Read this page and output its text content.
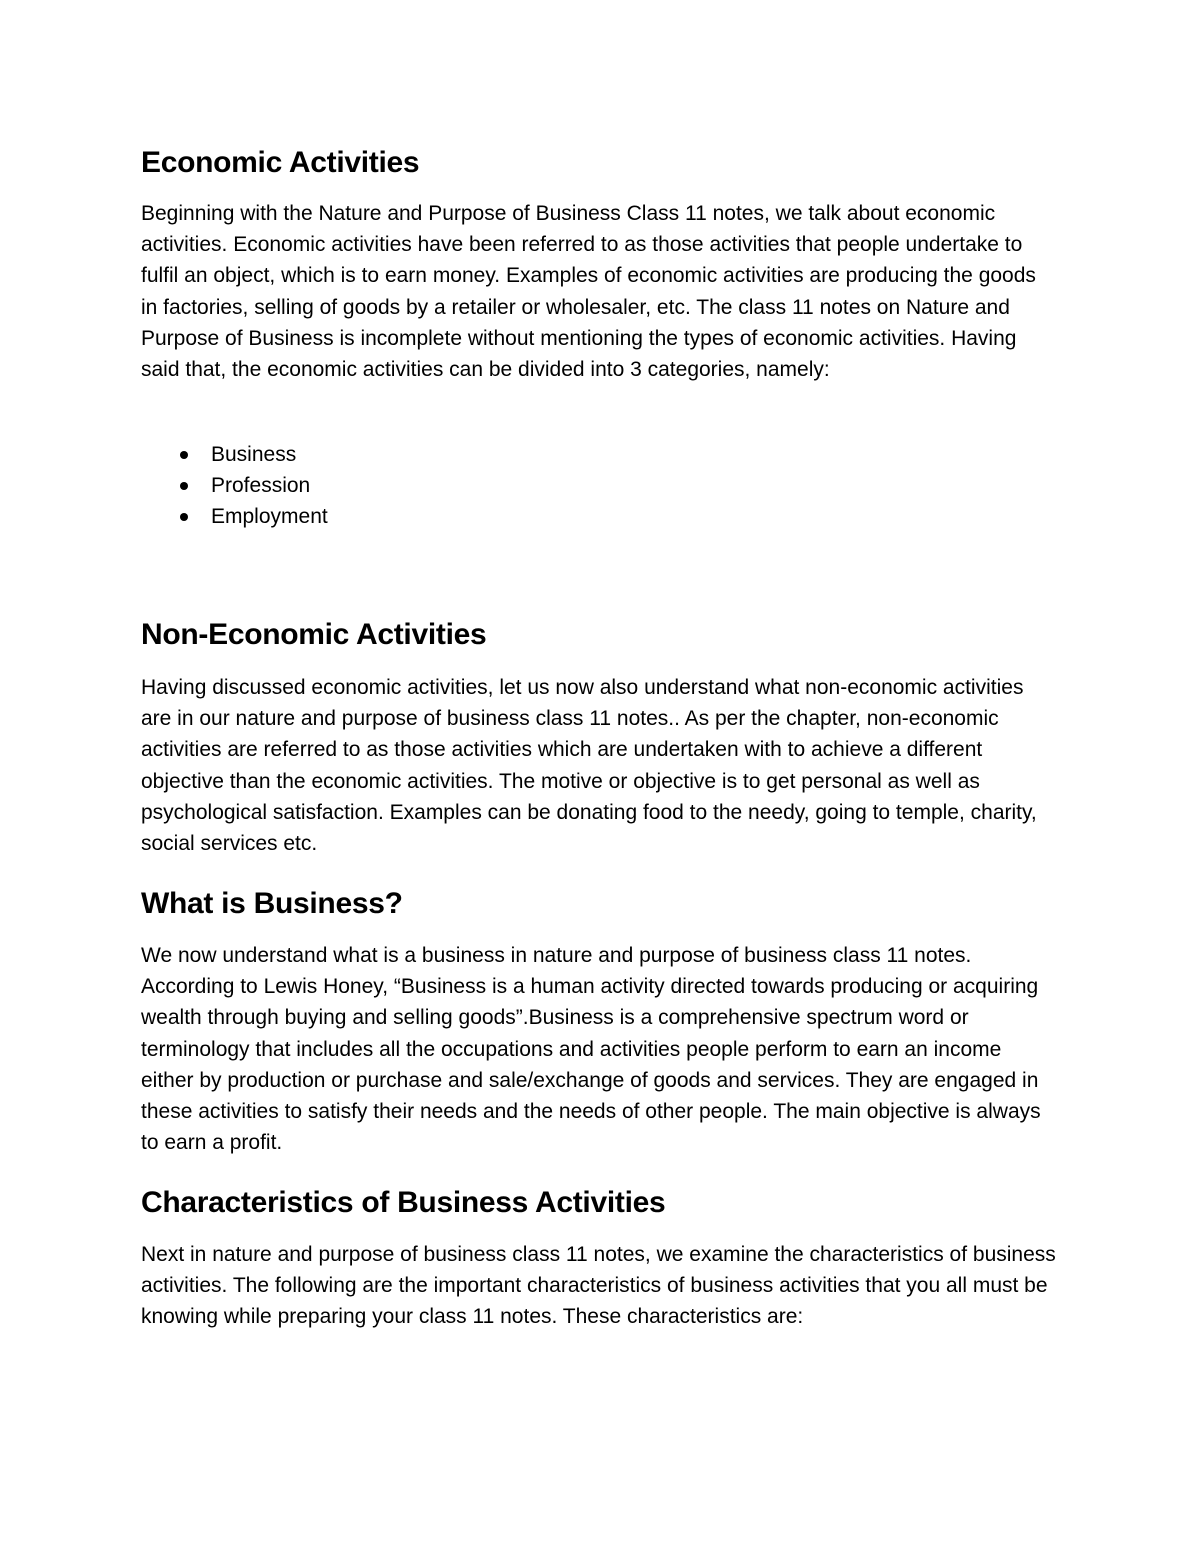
Economic Activities

Beginning with the Nature and Purpose of Business Class 11 notes, we talk about economic activities. Economic activities have been referred to as those activities that people undertake to fulfil an object, which is to earn money. Examples of economic activities are producing the goods in factories, selling of goods by a retailer or wholesaler, etc. The class 11 notes on Nature and Purpose of Business is incomplete without mentioning the types of economic activities. Having said that, the economic activities can be divided into 3 categories, namely:

Business
Profession
Employment
Non-Economic Activities

Having discussed economic activities, let us now also understand what non-economic activities are in our nature and purpose of business class 11 notes.. As per the chapter, non-economic activities are referred to as those activities which are undertaken with to achieve a different objective than the economic activities. The motive or objective is to get personal as well as psychological satisfaction. Examples can be donating food to the needy, going to temple, charity, social services etc.

What is Business?

We now understand what is a business in nature and purpose of business class 11 notes. According to Lewis Honey, “Business is a human activity directed towards producing or acquiring wealth through buying and selling goods”.Business is a comprehensive spectrum word or terminology that includes all the occupations and activities people perform to earn an income either by production or purchase and sale/exchange of goods and services. They are engaged in these activities to satisfy their needs and the needs of other people. The main objective is always to earn a profit.

Characteristics of Business Activities

Next in nature and purpose of business class 11 notes, we examine the characteristics of business activities. The following are the important characteristics of business activities that you all must be knowing while preparing your class 11 notes. These characteristics are:
